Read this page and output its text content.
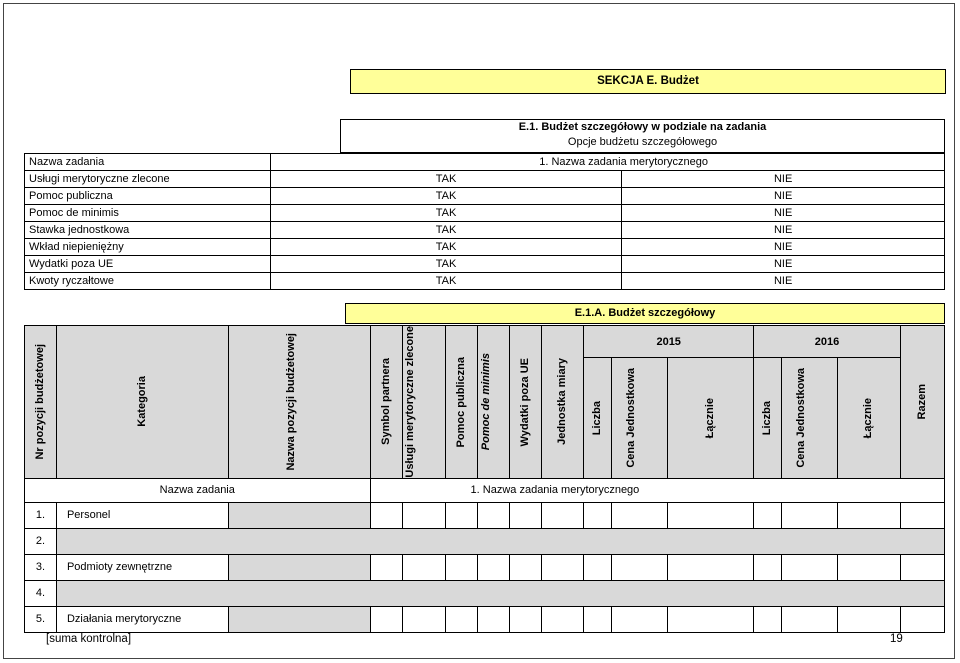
SEKCJA E. Budżet
E.1. Budżet szczegółowy w podziale na zadania
Opcje budżetu szczegółowego
Nazwa zadania	1. Nazwa zadania merytorycznego	
Usługi merytoryczne zlecone	TAK	NIE
Pomoc publiczna	TAK	NIE
Pomoc de minimis	TAK	NIE
Stawka jednostkowa	TAK	NIE
Wkład niepieniężny	TAK	NIE
Wydatki poza UE	TAK	NIE
Kwoty ryczałtowe	TAK	NIE
E.1.A. Budżet szczegółowy
Nr pozycji budżetowej	Kategoria	Nazwa pozycji budżetowej	Symbol partnera	Usługi merytoryczne zlecone	Pomoc publiczna	Pomoc de minimis	Wydatki poza UE	Jednostka miary	2015			2016			Razem

									Liczba	Cena Jednostkowa	Łącznie	Liczba	Cena Jednostkowa	Łącznie	

Nazwa zadania			1. Nazwa zadania merytorycznego												
1.	Personel														
2.															
3.	Podmioty zewnętrzne														
4.															
5.	Działania merytoryczne														
[suma kontrolna]	19
